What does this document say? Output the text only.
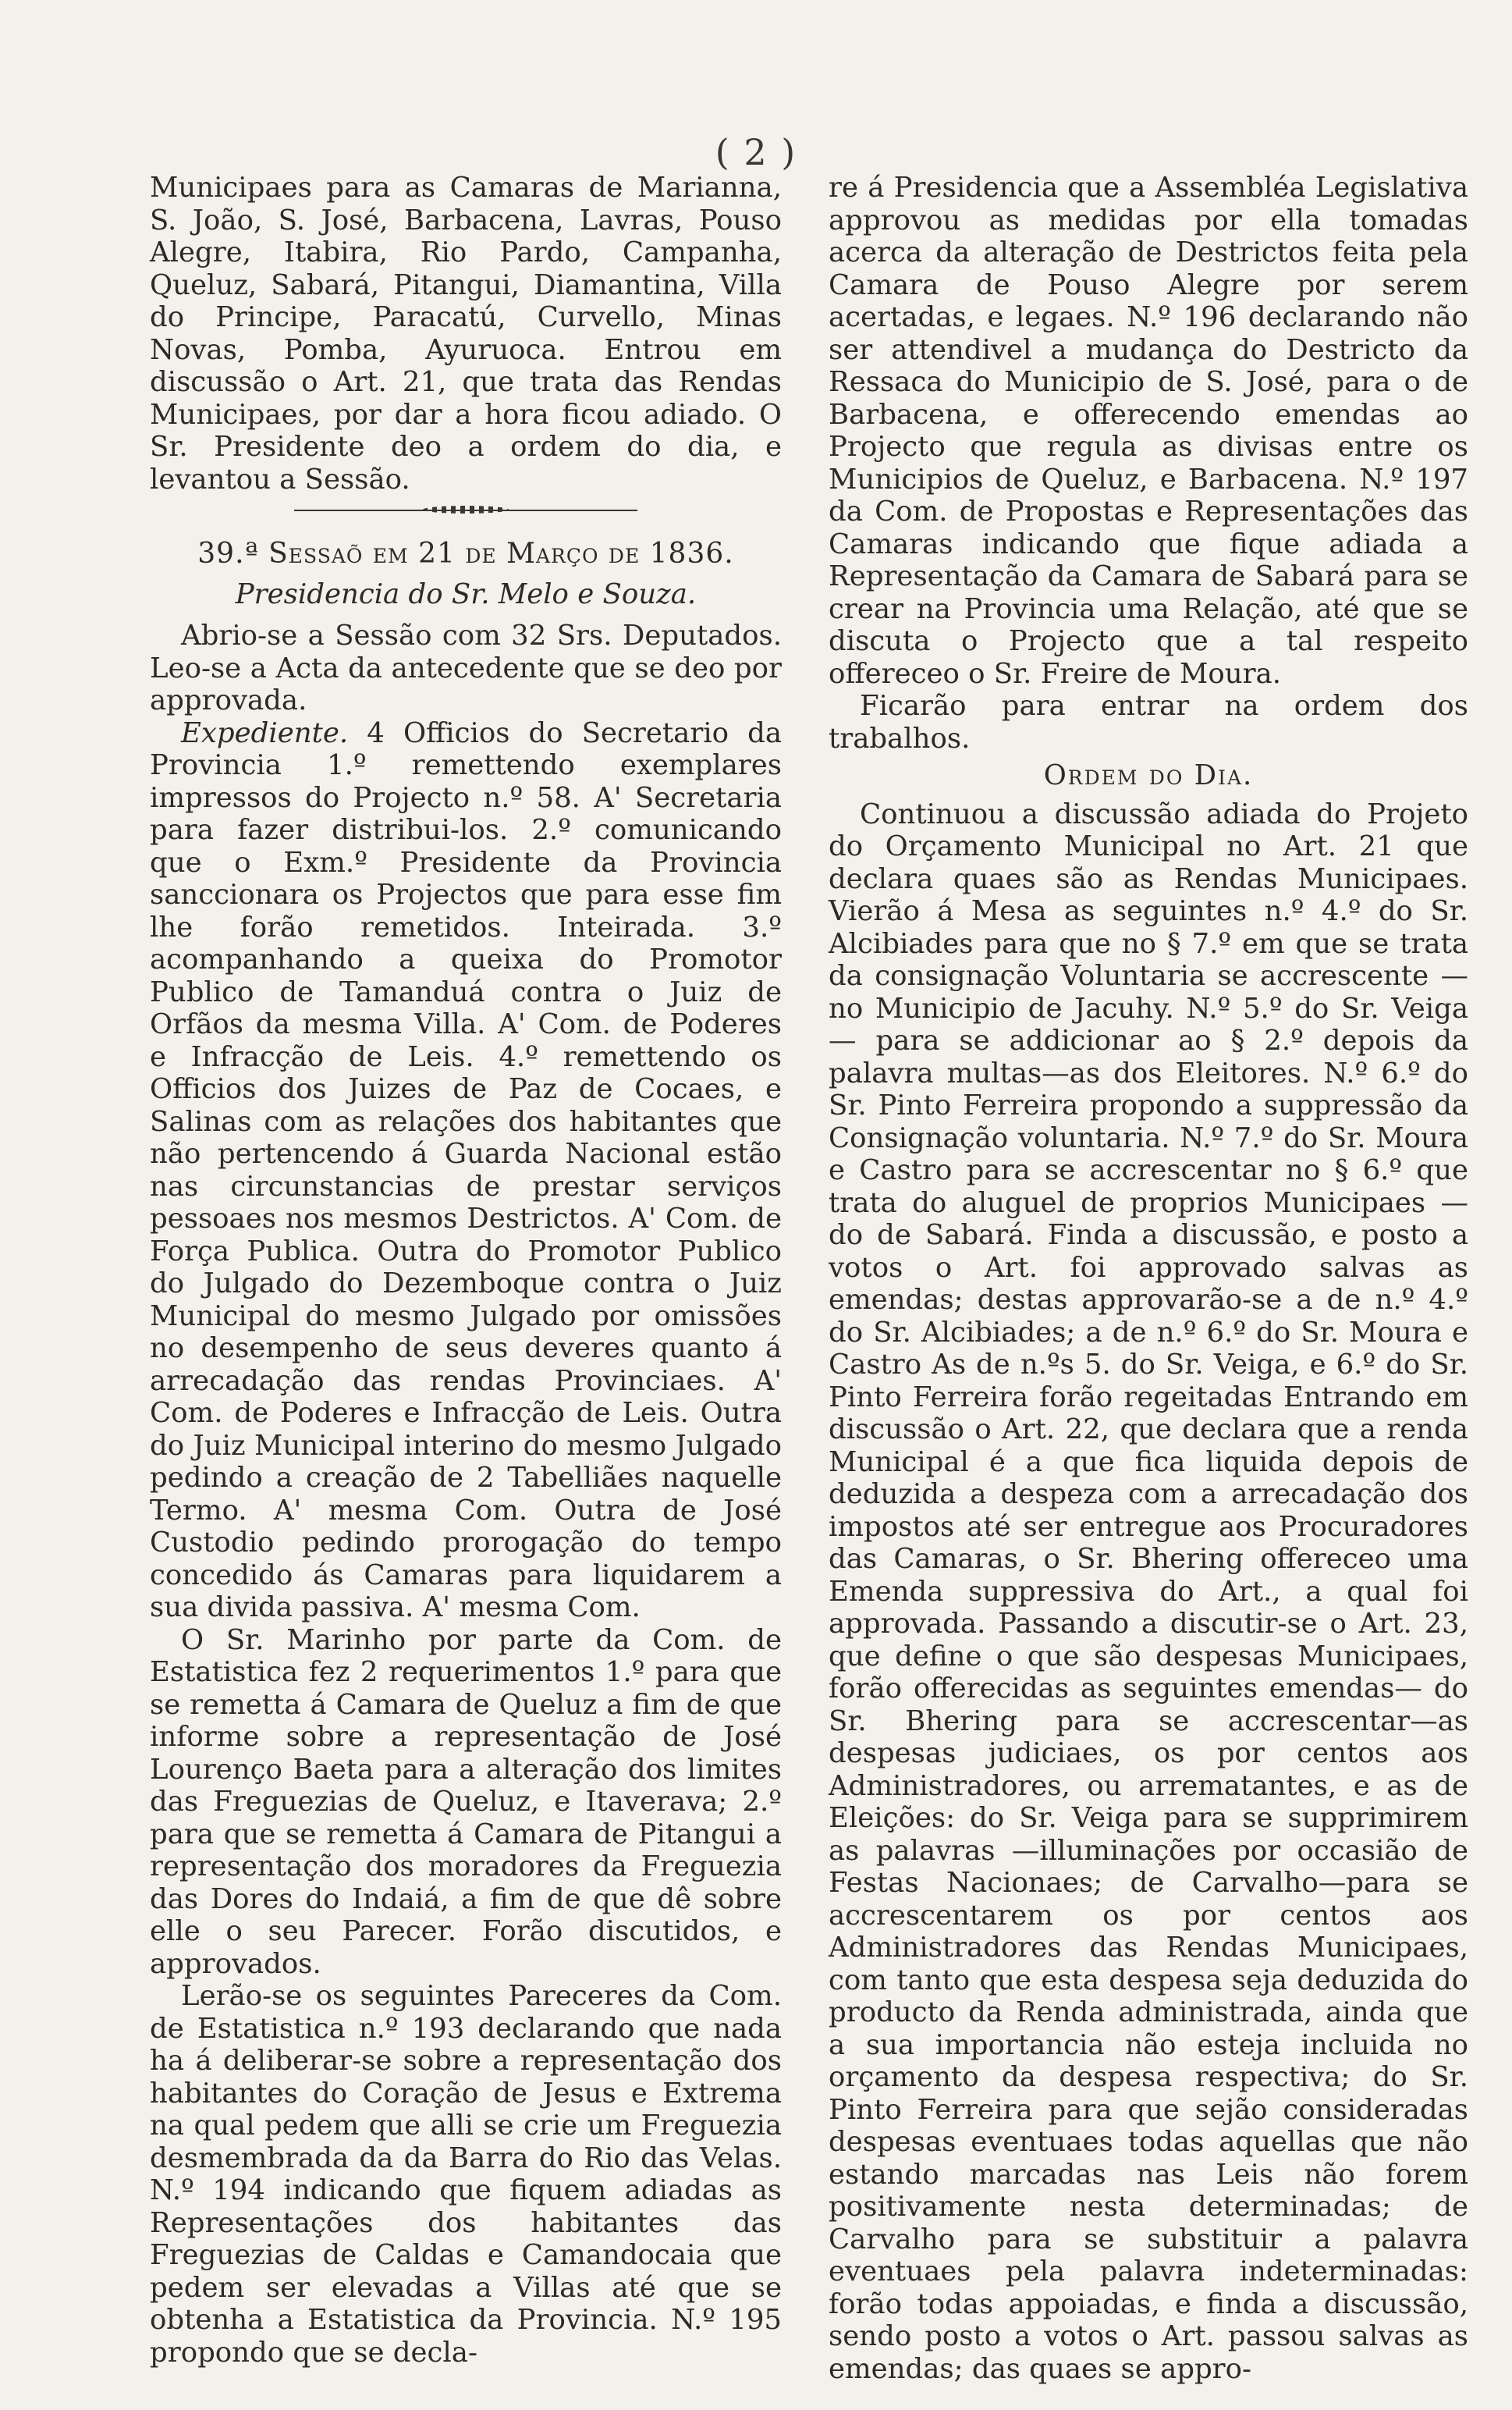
( 2 )

Municipaes para as Camaras de Marianna, S. João, S. José, Barbacena, Lavras, Pouso Alegre, Itabira, Rio Pardo, Campanha, Queluz, Sabará, Pitangui, Diamantina, Villa do Principe, Paracatú, Curvello, Minas Novas, Pomba, Ayuruoca. Entrou em discussão o Art. 21, que trata das Rendas Municipaes, por dar a hora ficou adiado. O Sr. Presidente deo a ordem do dia, e levantou a Sessão.

39.ª Sessaõ em 21 de Março de 1836.
Presidencia do Sr. Melo e Souza.

Abrio-se a Sessão com 32 Srs. Deputados. Leo-se a Acta da antecedente que se deo por approvada.

Expediente. 4 Officios do Secretario da Provincia 1.º remettendo exemplares impressos do Projecto n.º 58. A' Secretaria para fazer distribui-los. 2.º comunicando que o Exm.º Presidente da Provincia sanccionara os Projectos que para esse fim lhe forão remetidos. Inteirada. 3.º acompanhando a queixa do Promotor Publico de Tamanduá contra o Juiz de Orfãos da mesma Villa. A' Com. de Poderes e Infracção de Leis. 4.º remettendo os Officios dos Juizes de Paz de Cocaes, e Salinas com as relações dos habitantes que não pertencendo á Guarda Nacional estão nas circunstancias de prestar serviços pessoaes nos mesmos Destrictos. A' Com. de Força Publica. Outra do Promotor Publico do Julgado do Dezemboque contra o Juiz Municipal do mesmo Julgado por omissões no desempenho de seus deveres quanto á arrecadação das rendas Provinciaes. A' Com. de Poderes e Infracção de Leis. Outra do Juiz Municipal interino do mesmo Julgado pedindo a creação de 2 Tabelliães naquelle Termo. A' mesma Com. Outra de José Custodio pedindo prorogação do tempo concedido ás Camaras para liquidarem a sua divida passiva. A' mesma Com.

O Sr. Marinho por parte da Com. de Estatistica fez 2 requerimentos 1.º para que se remetta á Camara de Queluz a fim de que informe sobre a representação de José Lourenço Baeta para a alteração dos limites das Freguezias de Queluz, e Itaverava; 2.º para que se remetta á Camara de Pitangui a representação dos moradores da Freguezia das Dores do Indaiá, a fim de que dê sobre elle o seu Parecer. Forão discutidos, e approvados.

Lerão-se os seguintes Pareceres da Com. de Estatistica n.º 193 declarando que nada ha á deliberar-se sobre a representação dos habitantes do Coração de Jesus e Extrema na qual pedem que alli se crie um Freguezia desmembrada da da Barra do Rio das Velas. N.º 194 indicando que fiquem adiadas as Representações dos habitantes das Freguezias de Caldas e Camandocaia que pedem ser elevadas a Villas até que se obtenha a Estatistica da Provincia. N.º 195 propondo que se decla-

re á Presidencia que a Assembléa Legislativa approvou as medidas por ella tomadas acerca da alteração de Destrictos feita pela Camara de Pouso Alegre por serem acertadas, e legaes. N.º 196 declarando não ser attendivel a mudança do Destricto da Ressaca do Municipio de S. José, para o de Barbacena, e offerecendo emendas ao Projecto que regula as divisas entre os Municipios de Queluz, e Barbacena. N.º 197 da Com. de Propostas e Representações das Camaras indicando que fique adiada a Representação da Camara de Sabará para se crear na Provincia uma Relação, até que se discuta o Projecto que a tal respeito offereceo o Sr. Freire de Moura.

Ficarão para entrar na ordem dos trabalhos.

Ordem do Dia.

Continuou a discussão adiada do Projeto do Orçamento Municipal no Art. 21 que declara quaes são as Rendas Municipaes. Vierão á Mesa as seguintes n.º 4.º do Sr. Alcibiades para que no § 7.º em que se trata da consignação Voluntaria se accrescente — no Municipio de Jacuhy. N.º 5.º do Sr. Veiga — para se addicionar ao § 2.º depois da palavra multas—as dos Eleitores. N.º 6.º do Sr. Pinto Ferreira propondo a suppressão da Consignação voluntaria. N.º 7.º do Sr. Moura e Castro para se accrescentar no § 6.º que trata do aluguel de proprios Municipaes — do de Sabará. Finda a discussão, e posto a votos o Art. foi approvado salvas as emendas; destas approvarão-se a de n.º 4.º do Sr. Alcibiades; a de n.º 6.º do Sr. Moura e Castro As de n.ºs 5. do Sr. Veiga, e 6.º do Sr. Pinto Ferreira forão regeitadas Entrando em discussão o Art. 22, que declara que a renda Municipal é a que fica liquida depois de deduzida a despeza com a arrecadação dos impostos até ser entregue aos Procuradores das Camaras, o Sr. Bhering offereceo uma Emenda suppressiva do Art., a qual foi approvada. Passando a discutir-se o Art. 23, que define o que são despesas Municipaes, forão offerecidas as seguintes emendas— do Sr. Bhering para se accrescentar—as despesas judiciaes, os por centos aos Administradores, ou arrematantes, e as de Eleições: do Sr. Veiga para se supprimirem as palavras —illuminações por occasião de Festas Nacionaes; de Carvalho—para se accrescentarem os por centos aos Administradores das Rendas Municipaes, com tanto que esta despesa seja deduzida do producto da Renda administrada, ainda que a sua importancia não esteja incluida no orçamento da despesa respectiva; do Sr. Pinto Ferreira para que sejão consideradas despesas eventuaes todas aquellas que não estando marcadas nas Leis não forem positivamente nesta determinadas; de Carvalho para se substituir a palavra eventuaes pela palavra indeterminadas: forão todas appoiadas, e finda a discussão, sendo posto a votos o Art. passou salvas as emendas; das quaes se appro-
